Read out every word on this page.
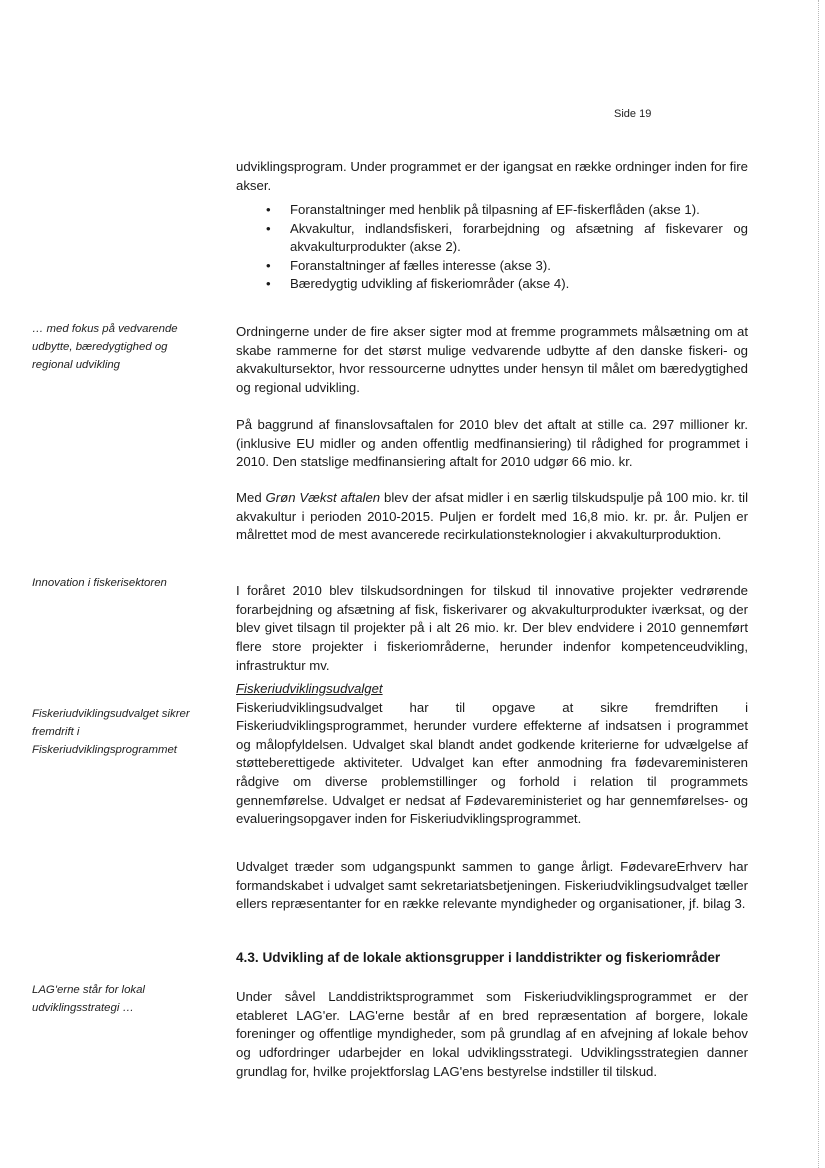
Side 19

udviklingsprogram. Under programmet er der igangsat en række ordninger inden for fire akser.

• Foranstaltninger med henblik på tilpasning af EF-fiskerflåden (akse 1).
• Akvakultur, indlandsfiskeri, forarbejdning og afsætning af fiskevarer og akvakulturprodukter (akse 2).
• Foranstaltninger af fælles interesse (akse 3).
• Bæredygtig udvikling af fiskeriområder (akse 4).
… med fokus på vedvarende udbytte, bæredygtighed og regional udvikling

Ordningerne under de fire akser sigter mod at fremme programmets målsætning om at skabe rammerne for det størst mulige vedvarende udbytte af den danske fiskeri- og akvakultursektor, hvor ressourcerne udnyttes under hensyn til målet om bæredygtighed og regional udvikling.

På baggrund af finanslovsaftalen for 2010 blev det aftalt at stille ca. 297 millioner kr. (inklusive EU midler og anden offentlig medfinansiering) til rådighed for programmet i 2010. Den statslige medfinansiering aftalt for 2010 udgør 66 mio. kr.

Med Grøn Vækst aftalen blev der afsat midler i en særlig tilskudspulje på 100 mio. kr. til akvakultur i perioden 2010-2015. Puljen er fordelt med 16,8 mio. kr. pr. år. Puljen er målrettet mod de mest avancerede recirkulationsteknologier i akvakulturproduktion.

Innovation i fiskerisektoren

I foråret 2010 blev tilskudsordningen for tilskud til innovative projekter vedrørende forarbejdning og afsætning af fisk, fiskerivarer og akvakulturprodukter iværksat, og der blev givet tilsagn til projekter på i alt 26 mio. kr. Der blev endvidere i 2010 gennemført flere store projekter i fiskeriområderne, herunder indenfor kompetenceudvikling, infrastruktur mv.

Fiskeriudviklingsudvalget sikrer fremdrift i Fiskeriudviklingsprogrammet
Fiskeriudviklingsudvalget

Fiskeriudviklingsudvalget har til opgave at sikre fremdriften i Fiskeriudviklingsprogrammet, herunder vurdere effekterne af indsatsen i programmet og målopfyldelsen. Udvalget skal blandt andet godkende kriterierne for udvælgelse af støtteberettigede aktiviteter. Udvalget kan efter anmodning fra fødevareministeren rådgive om diverse problemstillinger og forhold i relation til programmets gennemførelse. Udvalget er nedsat af Fødevareministeriet og har gennemførelses- og evalueringsopgaver inden for Fiskeriudviklingsprogrammet.

Udvalget træder som udgangspunkt sammen to gange årligt. FødevareErhverv har formandskabet i udvalget samt sekretariatsbetjeningen. Fiskeriudviklingsudvalget tæller ellers repræsentanter for en række relevante myndigheder og organisationer, jf. bilag 3.

4.3. Udvikling af de lokale aktionsgrupper i landdistrikter og fiskeriområder
LAG'erne står for lokal udviklingsstrategi …

Under såvel Landdistriktsprogrammet som Fiskeriudviklingsprogrammet er der etableret LAG'er. LAG'erne består af en bred repræsentation af borgere, lokale foreninger og offentlige myndigheder, som på grundlag af en afvejning af lokale behov og udfordringer udarbejder en lokal udviklingsstrategi. Udviklingsstrategien danner grundlag for, hvilke projektforslag LAG'ens bestyrelse indstiller til tilskud.
